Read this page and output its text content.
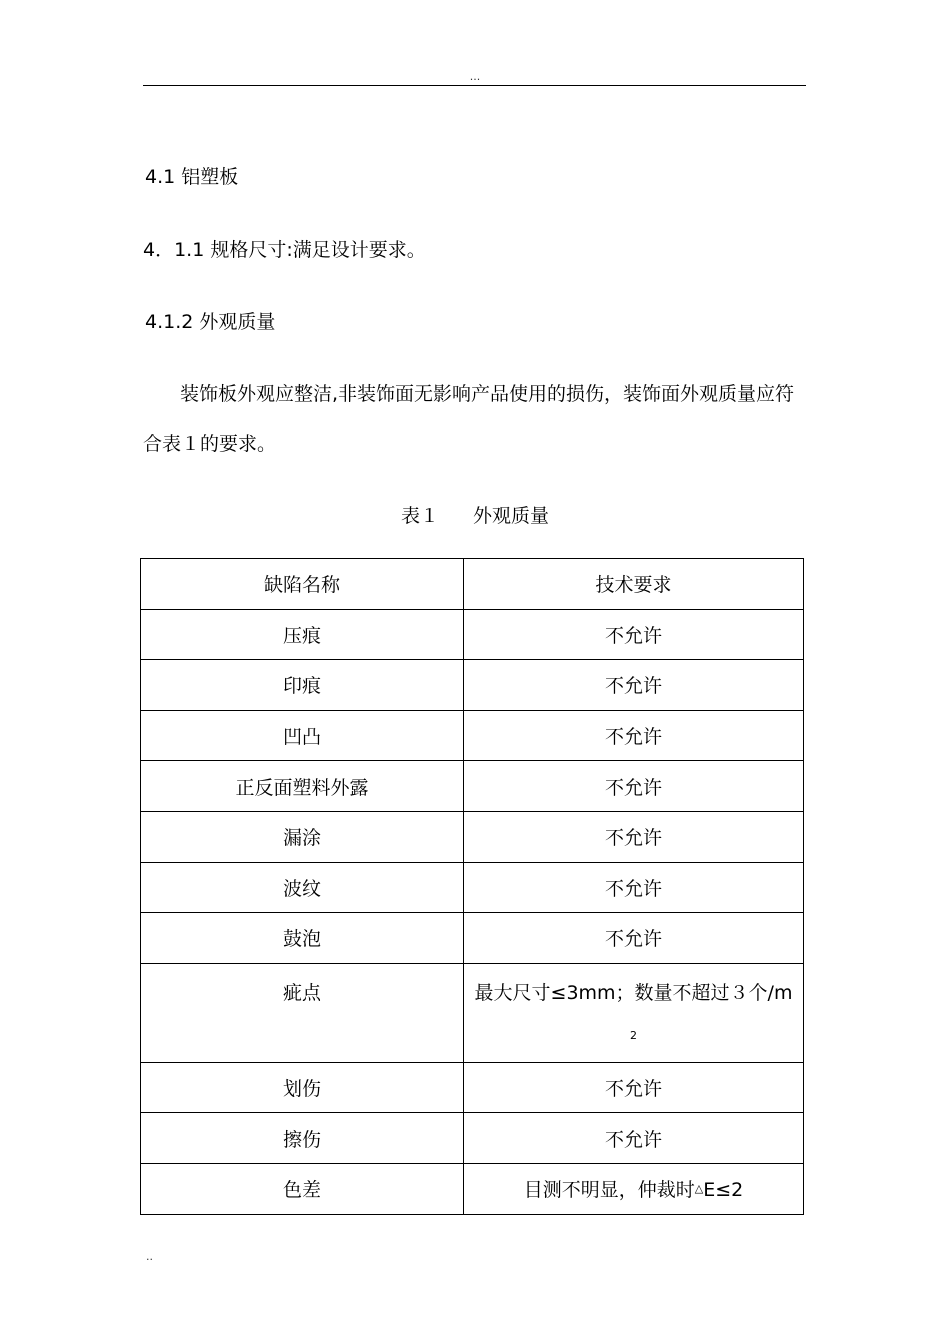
...
4.1 铝塑板
4．1.1 规格尺寸:满足设计要求。
4.1.2 外观质量
装饰板外观应整洁,非装饰面无影响产品使用的损伤，装饰面外观质量应符
合表１的要求。
表１ 外观质量
缺陷名称	技术要求
压痕	不允许
印痕	不允许
凹凸	不允许
正反面塑料外露	不允许
漏涂	不允许
波纹	不允许
鼓泡	不允许

疵点	最大尺寸≤3mm；数量不超过３个/m
2

划伤	不允许
擦伤	不允许
色差	目测不明显，仲裁时△E≤2
..
